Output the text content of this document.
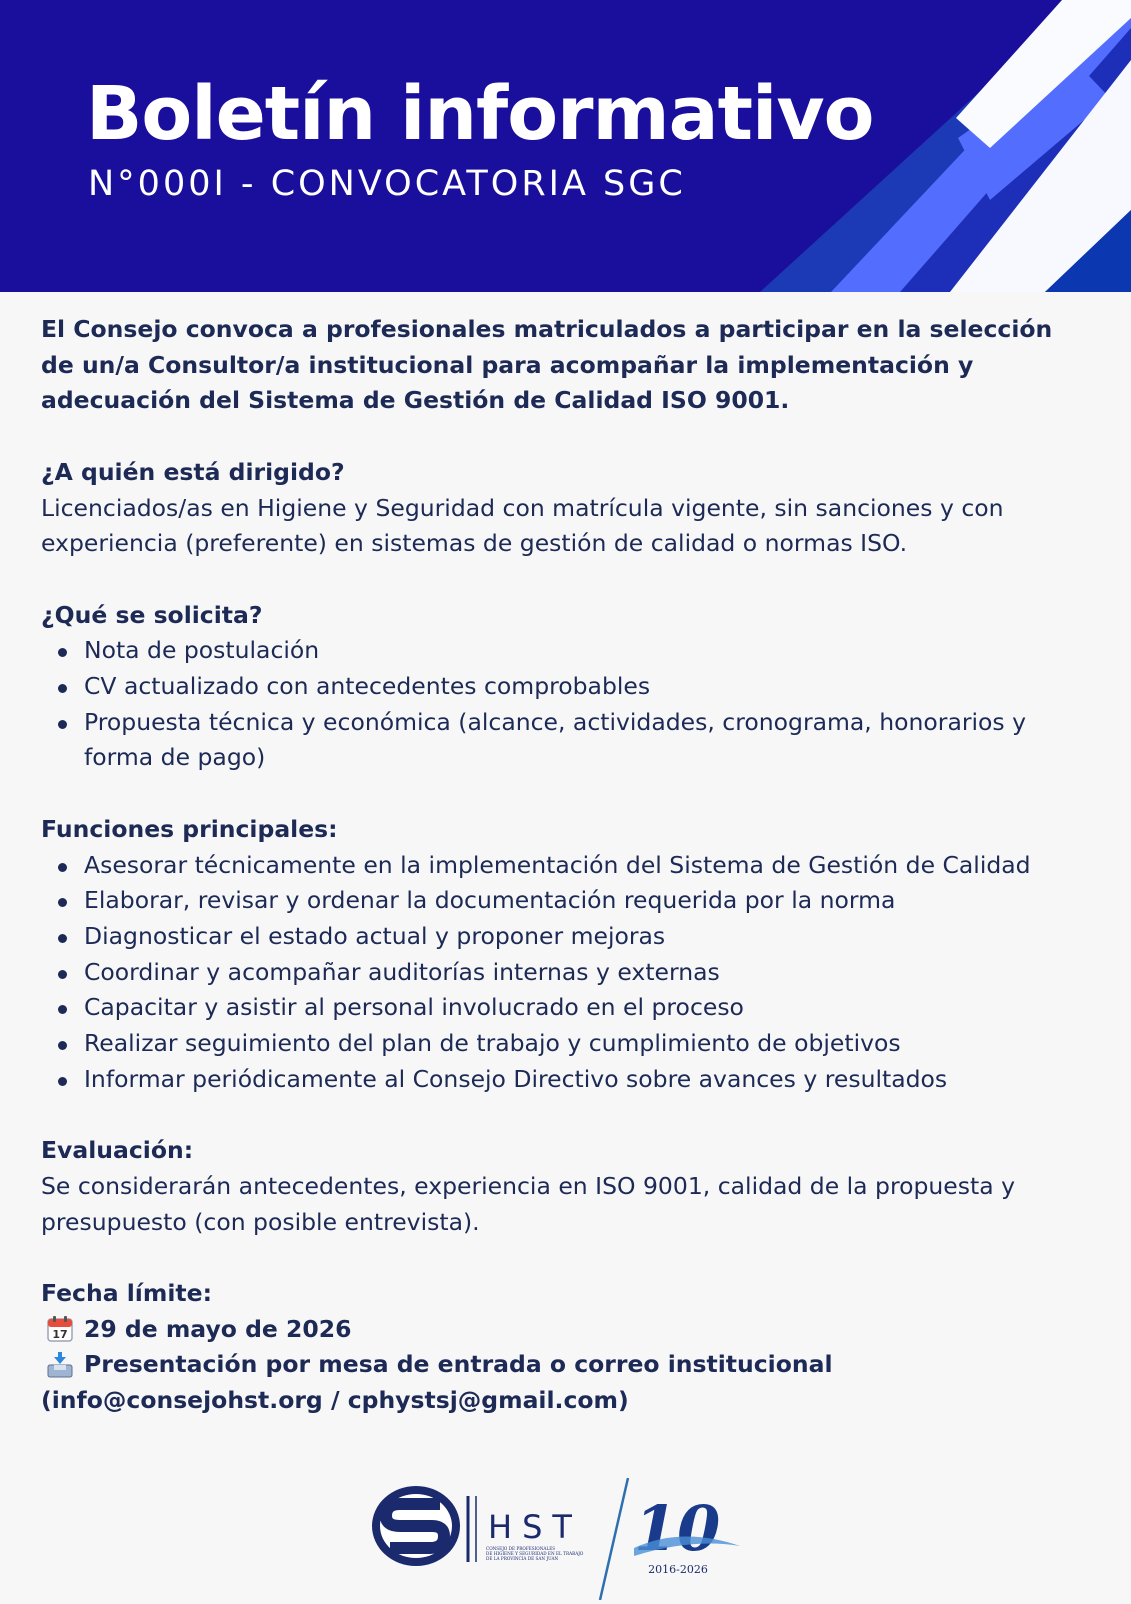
Boletín informativo

N°000I - CONVOCATORIA SGC

El Consejo convoca a profesionales matriculados a participar en la selección de un/a Consultor/a institucional para acompañar la implementación y adecuación del Sistema de Gestión de Calidad ISO 9001.

¿A quién está dirigido?

Licenciados/as en Higiene y Seguridad con matrícula vigente, sin sanciones y con experiencia (preferente) en sistemas de gestión de calidad o normas ISO.

¿Qué se solicita?

Nota de postulación
CV actualizado con antecedentes comprobables
Propuesta técnica y económica (alcance, actividades, cronograma, honorarios y forma de pago)

Funciones principales:

Asesorar técnicamente en la implementación del Sistema de Gestión de Calidad
Elaborar, revisar y ordenar la documentación requerida por la norma
Diagnosticar el estado actual y proponer mejoras
Coordinar y acompañar auditorías internas y externas
Capacitar y asistir al personal involucrado en el proceso
Realizar seguimiento del plan de trabajo y cumplimiento de objetivos
Informar periódicamente al Consejo Directivo sobre avances y resultados

Evaluación:

Se considerarán antecedentes, experiencia en ISO 9001, calidad de la propuesta y presupuesto (con posible entrevista).

Fecha límite:

17 29 de mayo de 2026

Presentación por mesa de entrada o correo institucional

(info@consejohst.org / cphystsj@gmail.com)

HST
CONSEJO DE PROFESIONALES DE HIGIENE Y SEGURIDAD EN EL TRABAJO DE LA PROVINCIA DE SAN JUAN	10
2016-2026
